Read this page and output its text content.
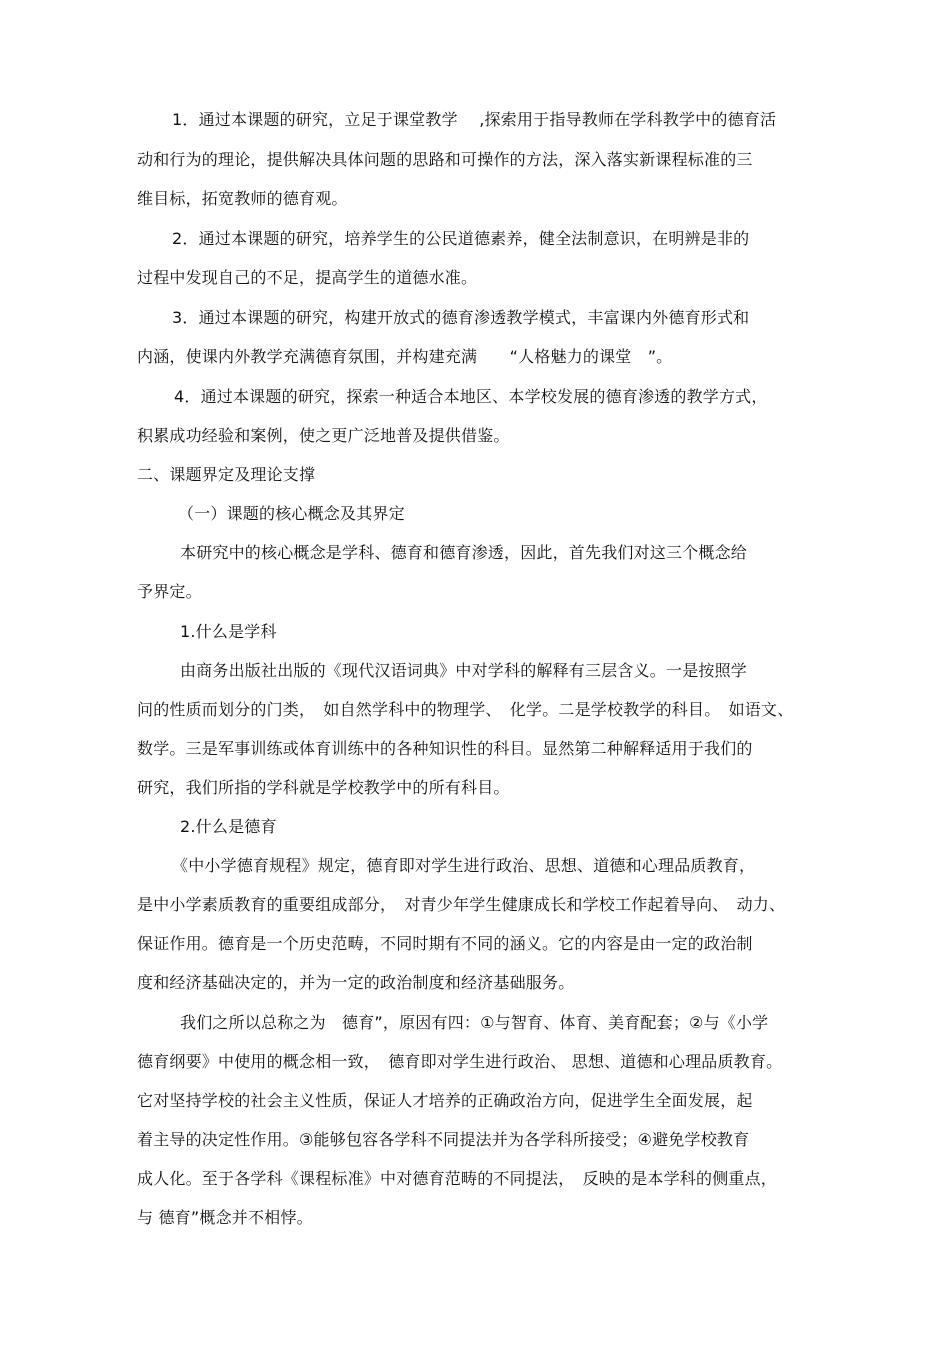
1．通过本课题的研究，立足于课堂教学　 ,探索用于指导教师在学科教学中的德育活
动和行为的理论，提供解决具体问题的思路和可操作的方法，深入落实新课程标准的三
维目标，拓宽教师的德育观。
2．通过本课题的研究，培养学生的公民道德素养，健全法制意识，在明辨是非的
过程中发现自己的不足，提高学生的道德水准。
3．通过本课题的研究，构建开放式的德育渗透教学模式，丰富课内外德育形式和
内涵，使课内外教学充满德育氛围，并构建充满　　“人格魅力的课堂　”。
4．通过本课题的研究，探索一种适合本地区、本学校发展的德育渗透的教学方式，
积累成功经验和案例，使之更广泛地普及提供借鉴。
二、课题界定及理论支撑
（一）课题的核心概念及其界定
本研究中的核心概念是学科、德育和德育渗透，因此，首先我们对这三个概念给
予界定。
1.什么是学科
由商务出版社出版的《现代汉语词典》中对学科的解释有三层含义。一是按照学
问的性质而划分的门类，　如自然学科中的物理学、　化学。二是学校教学的科目。　如语文、
数学。三是军事训练或体育训练中的各种知识性的科目。显然第二种解释适用于我们的
研究，我们所指的学科就是学校教学中的所有科目。
2.什么是德育
《中小学德育规程》规定，德育即对学生进行政治、思想、道德和心理品质教育，
是中小学素质教育的重要组成部分，　对青少年学生健康成长和学校工作起着导向、　动力、
保证作用。德育是一个历史范畴，不同时期有不同的涵义。它的内容是由一定的政治制
度和经济基础决定的，并为一定的政治制度和经济基础服务。
我们之所以总称之为　德育”，原因有四：①与智育、体育、美育配套；②与《小学
德育纲要》中使用的概念相一致，　德育即对学生进行政治、 思想、道德和心理品质教育。
它对坚持学校的社会主义性质，保证人才培养的正确政治方向，促进学生全面发展，起
着主导的决定性作用。③能够包容各学科不同提法并为各学科所接受；④避免学校教育
成人化。至于各学科《课程标准》中对德育范畴的不同提法，　反映的是本学科的侧重点，
与 德育”概念并不相悖。
